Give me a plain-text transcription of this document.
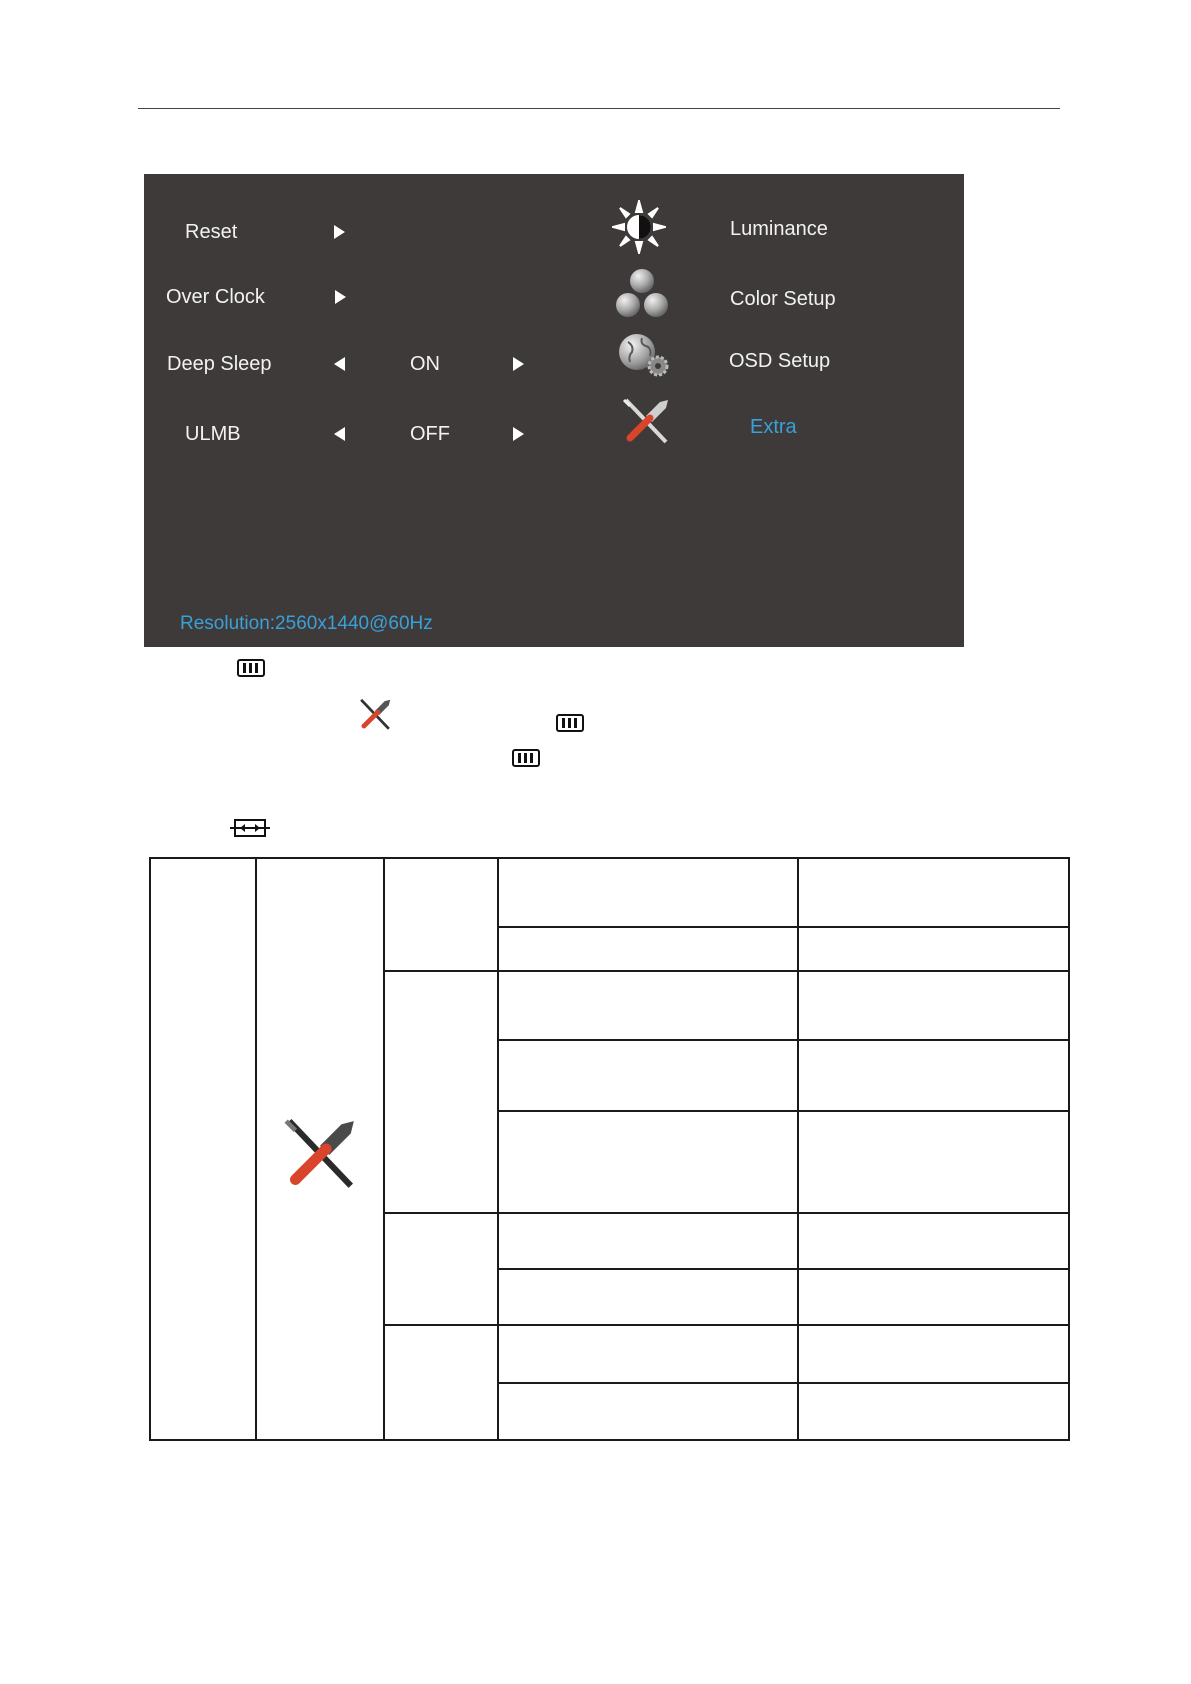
Reset
Over Clock
Deep Sleep	ON
ULMB	OFF
Luminance
Color Setup
OSD Setup
Extra
Resolution:2560x1440@60Hz
